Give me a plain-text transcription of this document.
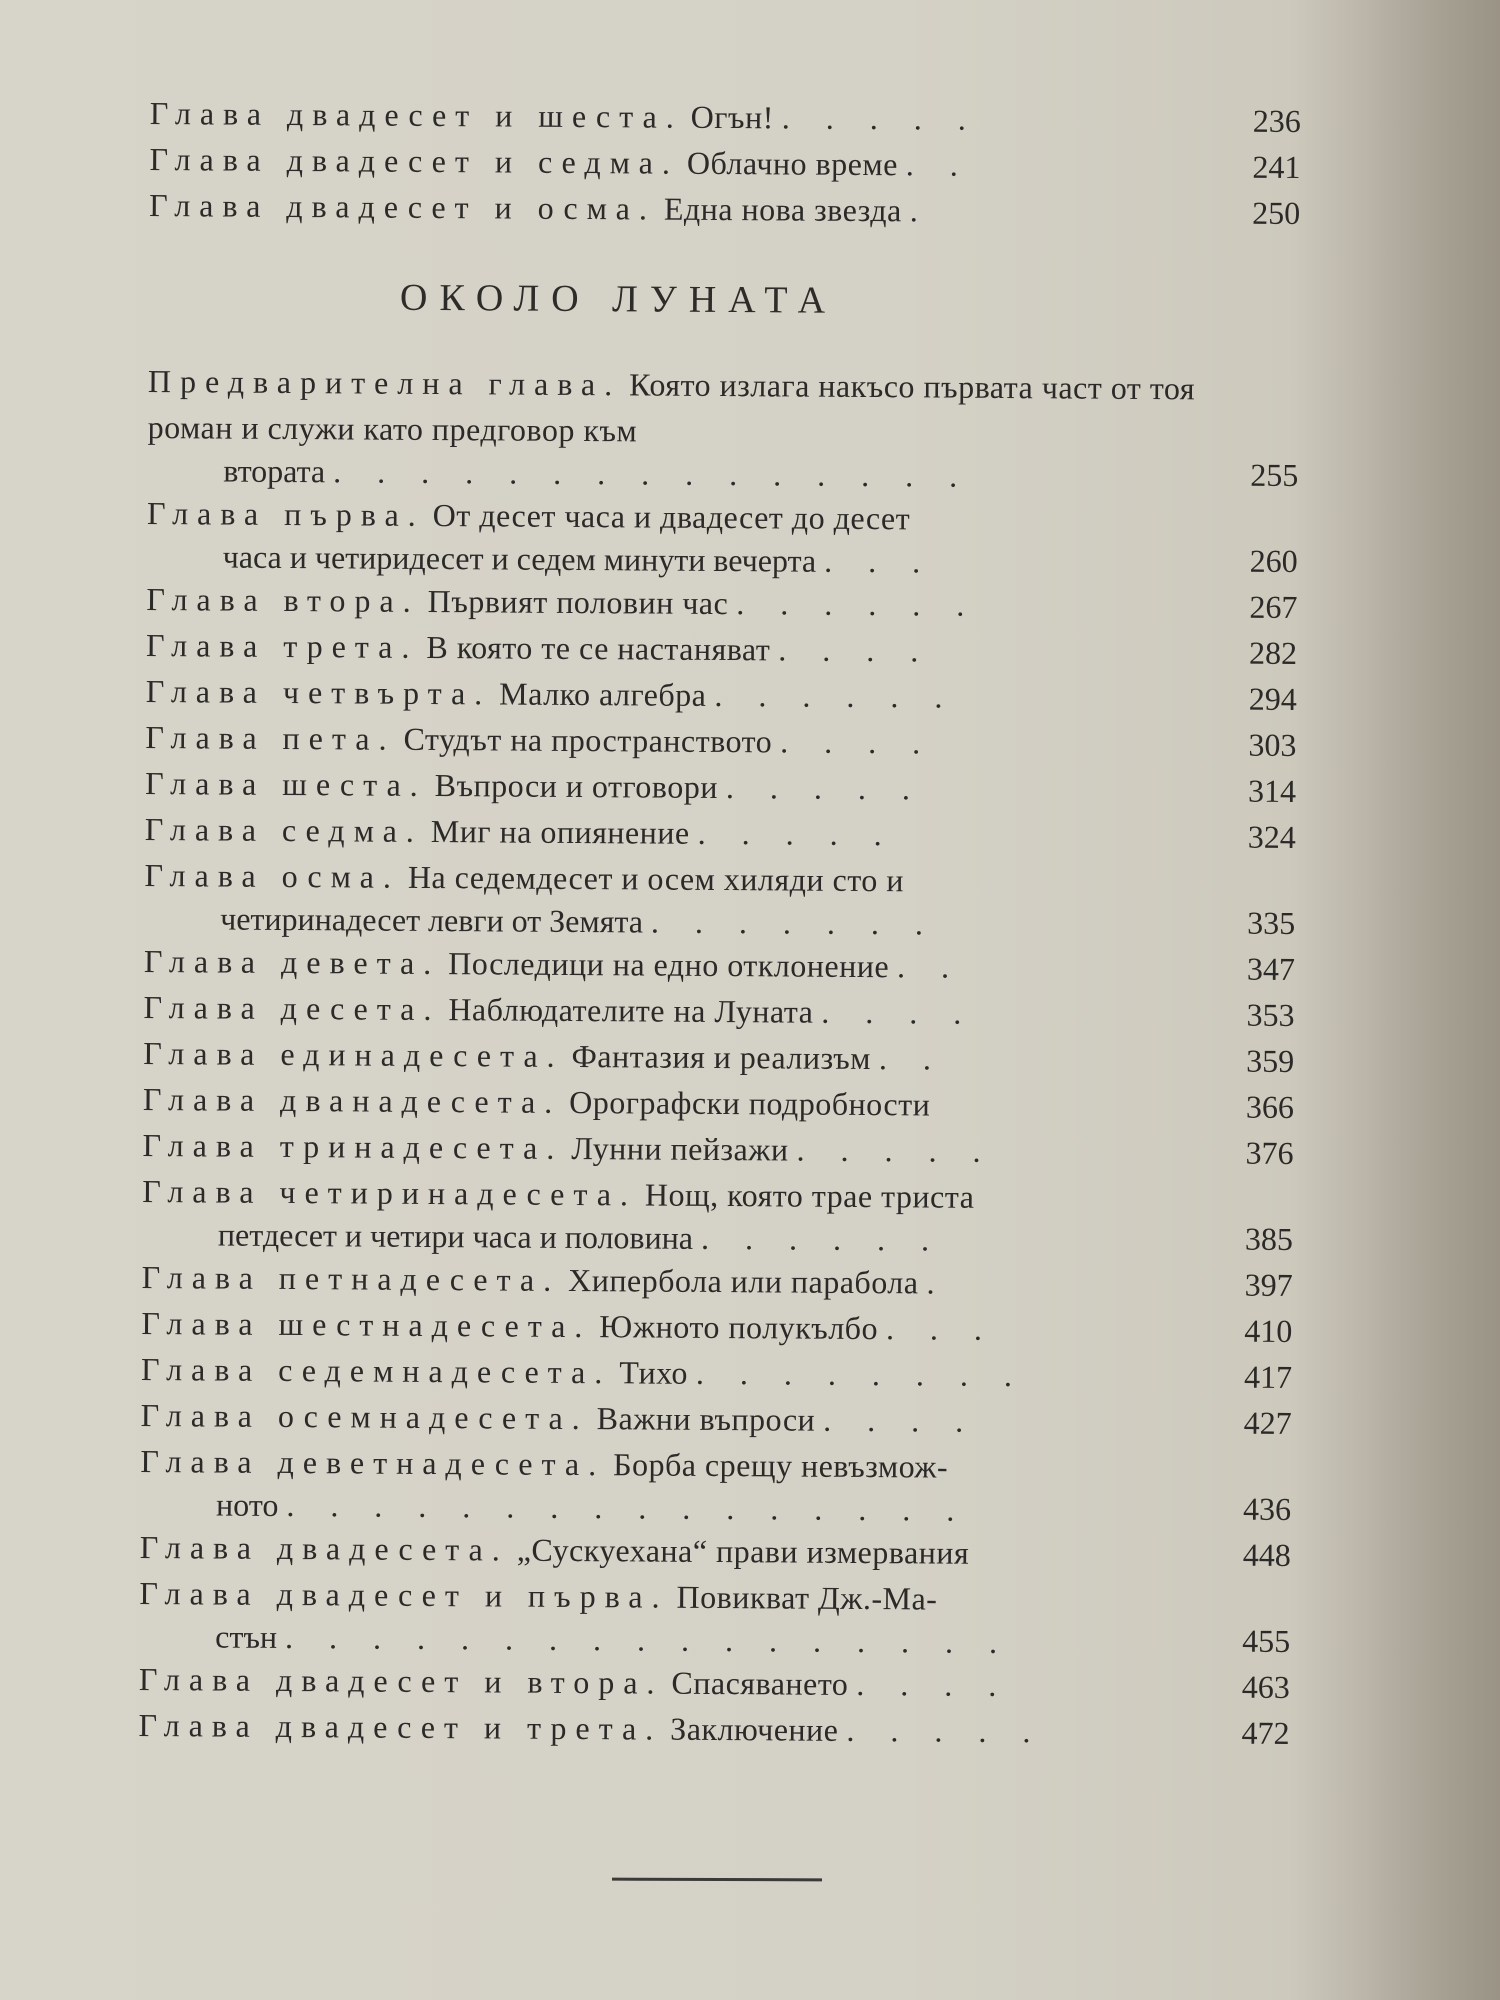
Глава двадесет и шеста. Огън! . . . . .	236
Глава двадесет и седма. Облачно време . .	241
Глава двадесет и осма. Една нова звезда .	250
ОКОЛО ЛУНАТА
Предварителна глава. Която излага накъсо първата част от тоя роман и служи като предговор към
втората . . . . . . . . . . . . . . .	255
Глава първа. От десет часа и двадесет до десет
часа и четиридесет и седем минути вечерта . . .	260
Глава втора. Първият половин час . . . . . .	267
Глава трета. В която те се настаняват . . . .	282
Глава четвърта. Малко алгебра . . . . . .	294
Глава пета. Студът на пространството . . . .	303
Глава шеста. Въпроси и отговори . . . . .	314
Глава седма. Миг на опиянение . . . . .	324
Глава осма. На седемдесет и осем хиляди сто и
четиринадесет левги от Земята . . . . . . .	335
Глава девета. Последици на едно отклонение . .	347
Глава десета. Наблюдателите на Луната . . . .	353
Глава единадесета. Фантазия и реализъм . .	359
Глава дванадесета. Орографски подробности	366
Глава тринадесета. Лунни пейзажи . . . . .	376
Глава четиринадесета. Нощ, която трае триста
петдесет и четири часа и половина . . . . . .	385
Глава петнадесета. Хипербола или парабола .	397
Глава шестнадесета. Южното полукълбо . . .	410
Глава седемнадесета. Тихо . . . . . . . .	417
Глава осемнадесета. Важни въпроси . . . .	427
Глава деветнадесета. Борба срещу невъзмож-
ното . . . . . . . . . . . . . . . .	436
Глава двадесета. „Сускуехана“ прави измервания	448
Глава двадесет и първа. Повикват Дж.-Ма-
стън . . . . . . . . . . . . . . . . .	455
Глава двадесет и втора. Спасяването . . . .	463
Глава двадесет и трета. Заключение . . . . .	472
